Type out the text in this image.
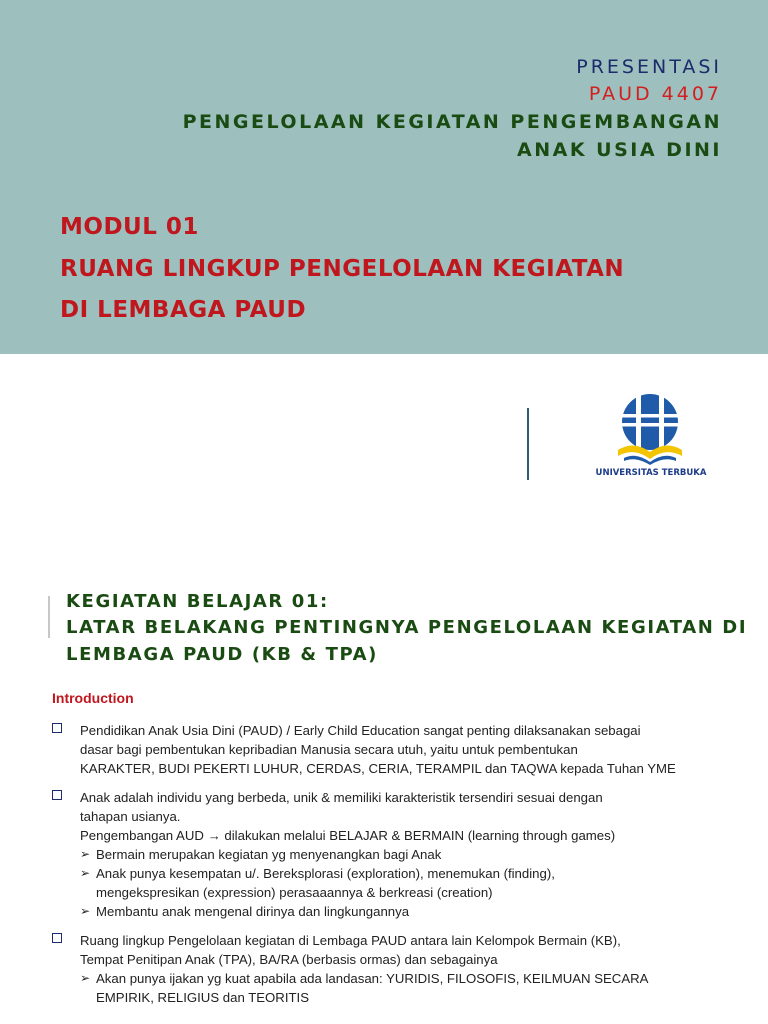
PRESENTASI

PAUD 4407

PENGELOLAAN KEGIATAN PENGEMBANGAN

ANAK USIA DINI

MODUL 01

RUANG LINGKUP PENGELOLAAN KEGIATAN

DI LEMBAGA PAUD

UNIVERSITAS TERBUKA

KEGIATAN BELAJAR 01:

LATAR BELAKANG PENTINGNYA PENGELOLAAN KEGIATAN DI

LEMBAGA PAUD (KB & TPA)

Introduction

Pendidikan Anak Usia Dini (PAUD) / Early Child Education sangat penting dilaksanakan sebagai

dasar bagi pembentukan kepribadian Manusia secara utuh, yaitu untuk pembentukan

KARAKTER, BUDI PEKERTI LUHUR, CERDAS, CERIA, TERAMPIL dan TAQWA kepada Tuhan YME

Anak adalah individu yang berbeda, unik & memiliki karakteristik tersendiri sesuai dengan

tahapan usianya.

Pengembangan AUD → dilakukan melalui BELAJAR & BERMAIN (learning through games)

➢ Bermain merupakan kegiatan yg menyenangkan bagi Anak
➢ Anak punya kesempatan u/. Bereksplorasi (exploration), menemukan (finding),
mengekspresikan (expression) perasaaannya & berkreasi (creation)
➢ Membantu anak mengenal dirinya dan lingkungannya

Ruang lingkup Pengelolaan kegiatan di Lembaga PAUD antara lain Kelompok Bermain (KB),

Tempat Penitipan Anak (TPA), BA/RA (berbasis ormas) dan sebagainya

➢ Akan punya ijakan yg kuat apabila ada landasan: YURIDIS, FILOSOFIS, KEILMUAN SECARA
EMPIRIK, RELIGIUS dan TEORITIS
